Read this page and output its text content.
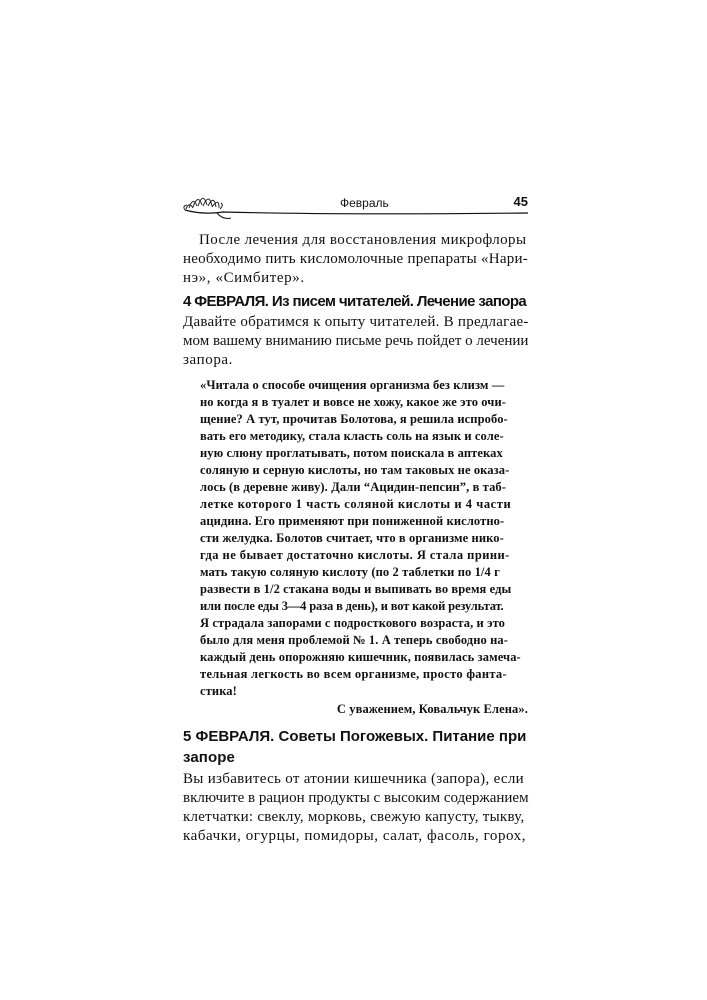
Февраль	45
После лечения для восстановления микрофлоры
необходимо пить кисломолочные препараты «Нари-
нэ», «Симбитер».
4 ФЕВРАЛЯ. Из писем читателей. Лечение запора
Давайте обратимся к опыту читателей. В предлагае-
мом вашему вниманию письме речь пойдет о лечении
запора.
«Читала о способе очищения организма без клизм —
но когда я в туалет и вовсе не хожу, какое же это очи-
щение? А тут, прочитав Болотова, я решила испробо-
вать его методику, стала класть соль на язык и соле-
ную слюну проглатывать, потом поискала в аптеках
соляную и серную кислоты, но там таковых не оказа-
лось (в деревне живу). Дали “Ацидин-пепсин”, в таб-
летке которого 1 часть соляной кислоты и 4 части
ацидина. Его применяют при пониженной кислотно-
сти желудка. Болотов считает, что в организме нико-
гда не бывает достаточно кислоты. Я стала прини-
мать такую соляную кислоту (по 2 таблетки по 1/4 г
развести в 1/2 стакана воды и выпивать во время еды
или после еды 3—4 раза в день), и вот какой результат.
Я страдала запорами с подросткового возраста, и это
было для меня проблемой № 1. А теперь свободно на-
каждый день опорожняю кишечник, появилась замеча-
тельная легкость во всем организме, просто фанта-
стика!
С уважением, Ковальчук Елена».
5 ФЕВРАЛЯ. Советы Погожевых. Питание при
запоре
Вы избавитесь от атонии кишечника (запора), если
включите в рацион продукты с высоким содержанием
клетчатки: свеклу, морковь, свежую капусту, тыкву,
кабачки, огурцы, помидоры, салат, фасоль, горох,
